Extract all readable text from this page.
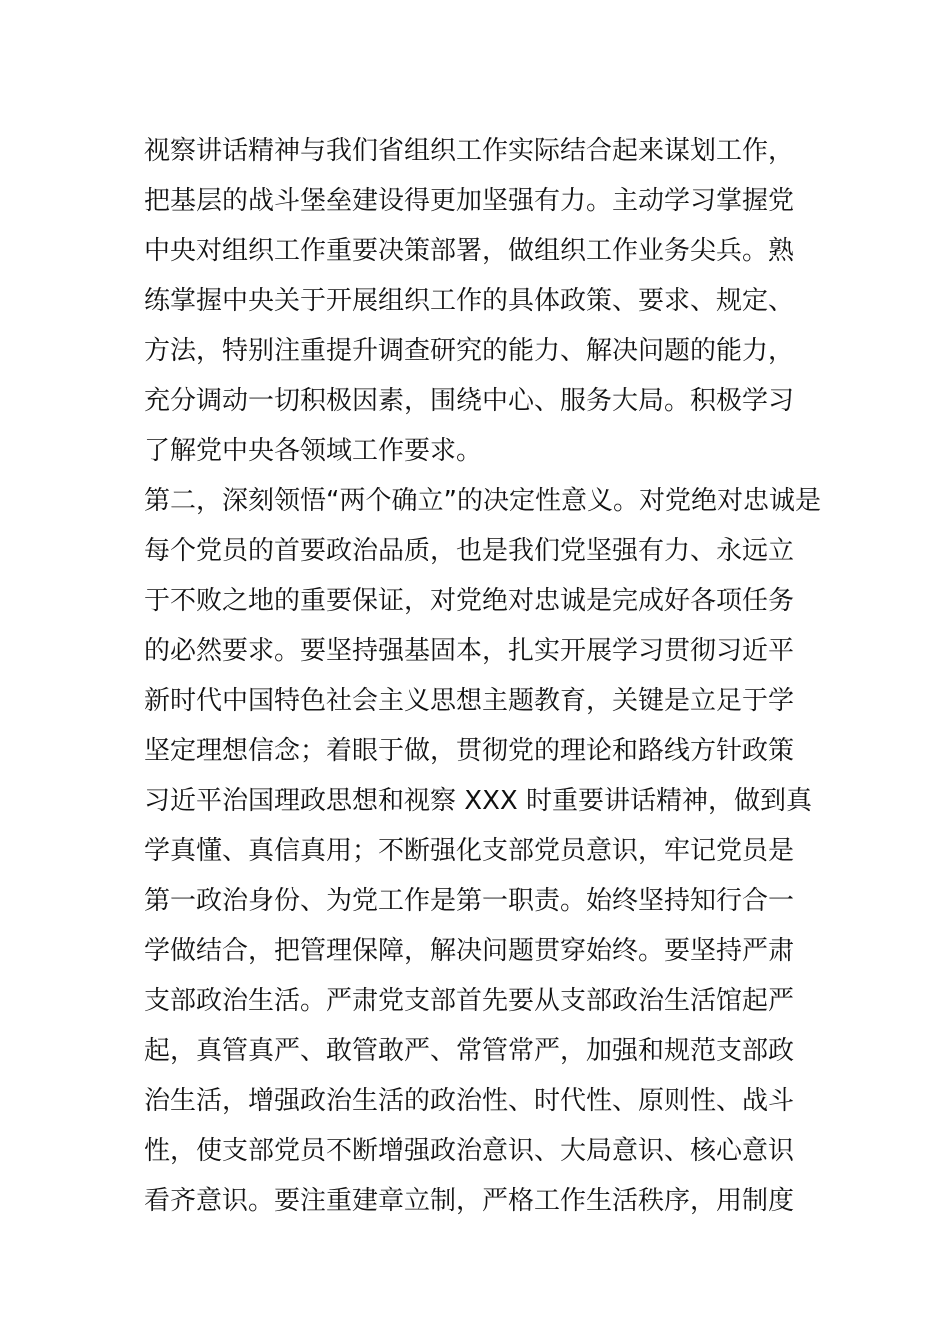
视察讲话精神与我们省组织工作实际结合起来谋划工作，
把基层的战斗堡垒建设得更加坚强有力。主动学习掌握党
中央对组织工作重要决策部署，做组织工作业务尖兵。熟
练掌握中央关于开展组织工作的具体政策、要求、规定、
方法，特别注重提升调查研究的能力、解决问题的能力，
充分调动一切积极因素，围绕中心、服务大局。积极学习
了解党中央各领域工作要求。
第二，深刻领悟“两个确立”的决定性意义。对党绝对忠诚是
每个党员的首要政治品质，也是我们党坚强有力、永远立
于不败之地的重要保证，对党绝对忠诚是完成好各项任务
的必然要求。要坚持强基固本，扎实开展学习贯彻习近平
新时代中国特色社会主义思想主题教育，关键是立足于学
坚定理想信念；着眼于做，贯彻党的理论和路线方针政策
习近平治国理政思想和视察 XXX 时重要讲话精神，做到真
学真懂、真信真用；不断强化支部党员意识，牢记党员是
第一政治身份、为党工作是第一职责。始终坚持知行合一
学做结合，把管理保障，解决问题贯穿始终。要坚持严肃
支部政治生活。严肃党支部首先要从支部政治生活馆起严
起，真管真严、敢管敢严、常管常严，加强和规范支部政
治生活，增强政治生活的政治性、时代性、原则性、战斗
性，使支部党员不断增强政治意识、大局意识、核心意识
看齐意识。要注重建章立制，严格工作生活秩序，用制度
